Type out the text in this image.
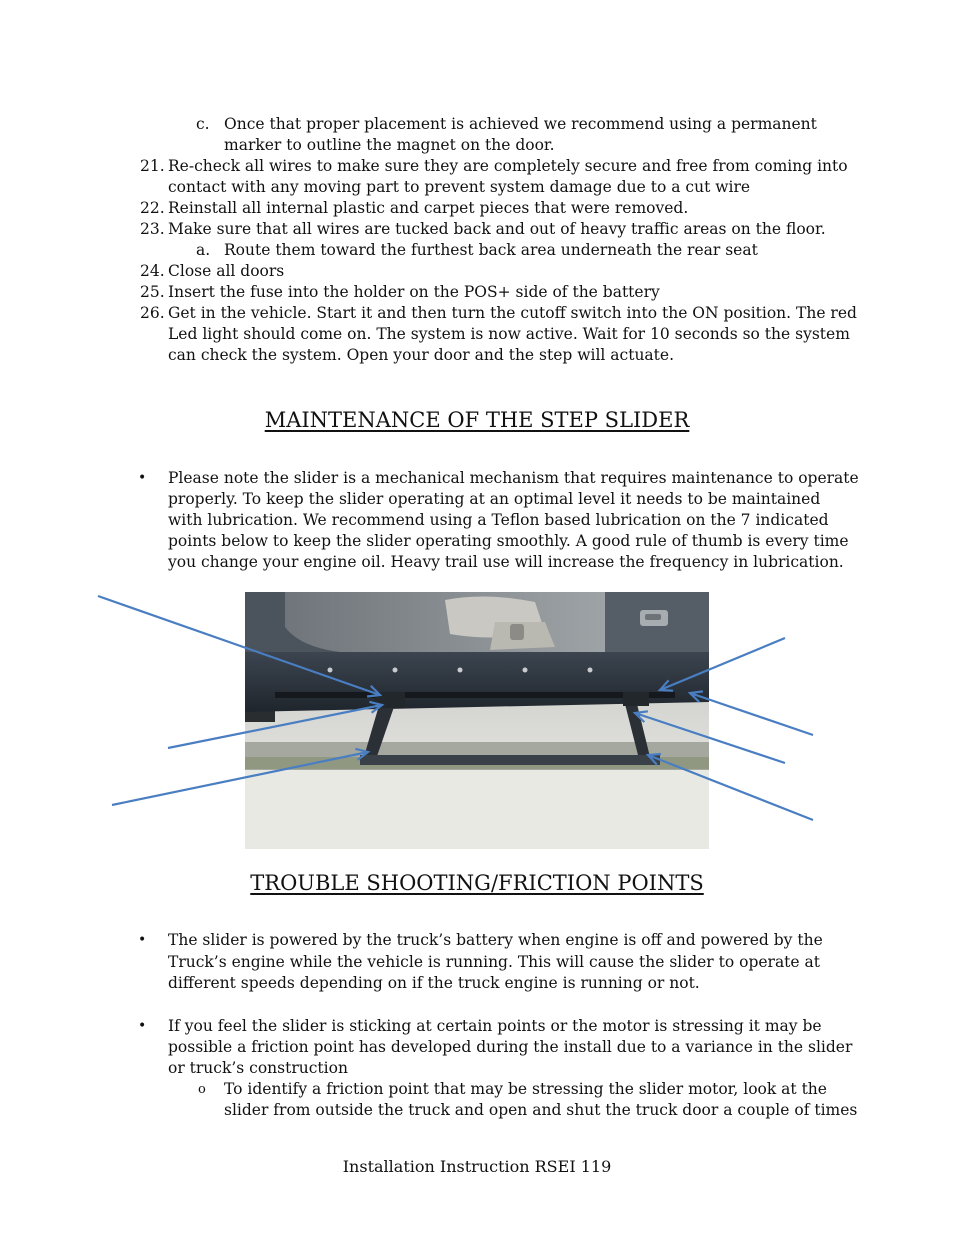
c. Once that proper placement is achieved we recommend using a permanent
marker to outline the magnet on the door.
21. Re-check all wires to make sure they are completely secure and free from coming into
contact with any moving part to prevent system damage due to a cut wire
22. Reinstall all internal plastic and carpet pieces that were removed.
23. Make sure that all wires are tucked back and out of heavy traffic areas on the floor.
a. Route them toward the furthest back area underneath the rear seat
24. Close all doors
25. Insert the fuse into the holder on the POS+ side of the battery
26. Get in the vehicle. Start it and then turn the cutoff switch into the ON position. The red
Led light should come on. The system is now active. Wait for 10 seconds so the system
can check the system. Open your door and the step will actuate.
MAINTENANCE OF THE STEP SLIDER
• Please note the slider is a mechanical mechanism that requires maintenance to operate
properly. To keep the slider operating at an optimal level it needs to be maintained
with lubrication. We recommend using a Teflon based lubrication on the 7 indicated
points below to keep the slider operating smoothly. A good rule of thumb is every time
you change your engine oil. Heavy trail use will increase the frequency in lubrication.
TROUBLE SHOOTING/FRICTION POINTS
• The slider is powered by the truck’s battery when engine is off and powered by the
Truck’s engine while the vehicle is running. This will cause the slider to operate at
different speeds depending on if the truck engine is running or not.
• If you feel the slider is sticking at certain points or the motor is stressing it may be
possible a friction point has developed during the install due to a variance in the slider
or truck’s construction
o To identify a friction point that may be stressing the slider motor, look at the
slider from outside the truck and open and shut the truck door a couple of times
Installation Instruction RSEI 119
